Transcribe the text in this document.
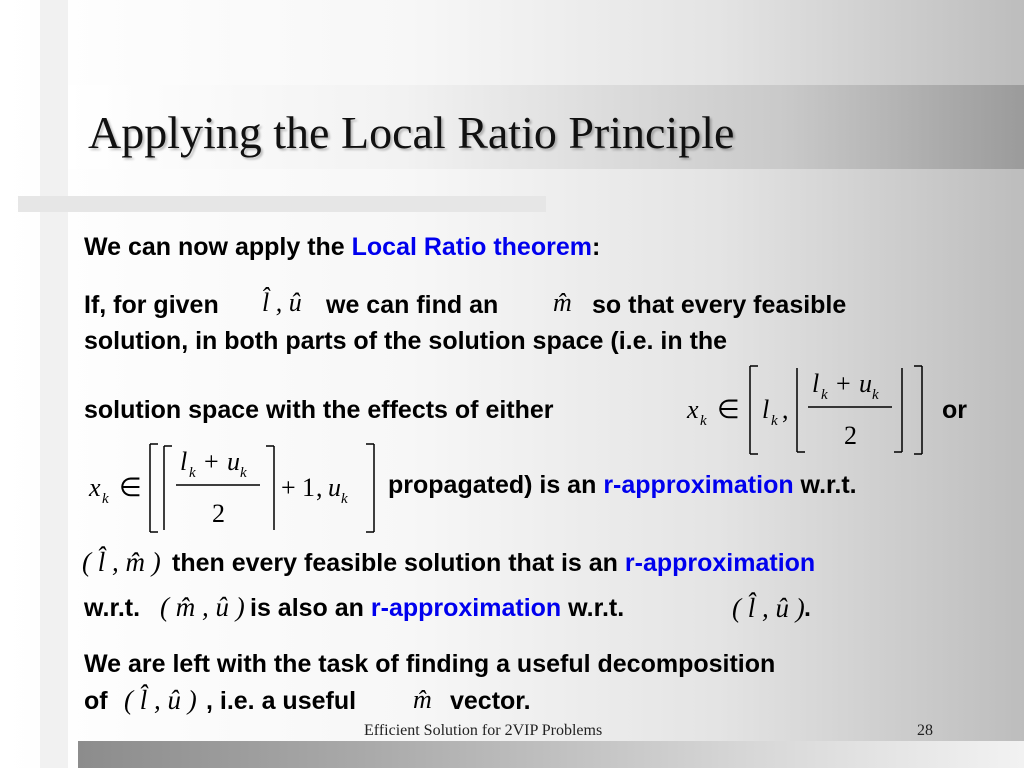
Applying the Local Ratio Principle
We can now apply the Local Ratio theorem:
If, for given l̂ , û we can find an m̂ so that every feasible
solution, in both parts of the solution space (i.e. in the
solution space with the effects of either	x k ∈ l k ,
l k + u k
2
or
x k ∈
l k + u k
2
+ 1 , u k propagated) is an r-approximation w.r.t.
( l̂ , m̂ ) then every feasible solution that is an r-approximation
w.r.t. ( m̂ , û ) is also an r-approximation w.r.t.	( l̂ , û ) .
We are left with the task of finding a useful decomposition
of ( l̂ , û ) , i.e. a useful m̂ vector.
Efficient Solution for 2VIP Problems	28
